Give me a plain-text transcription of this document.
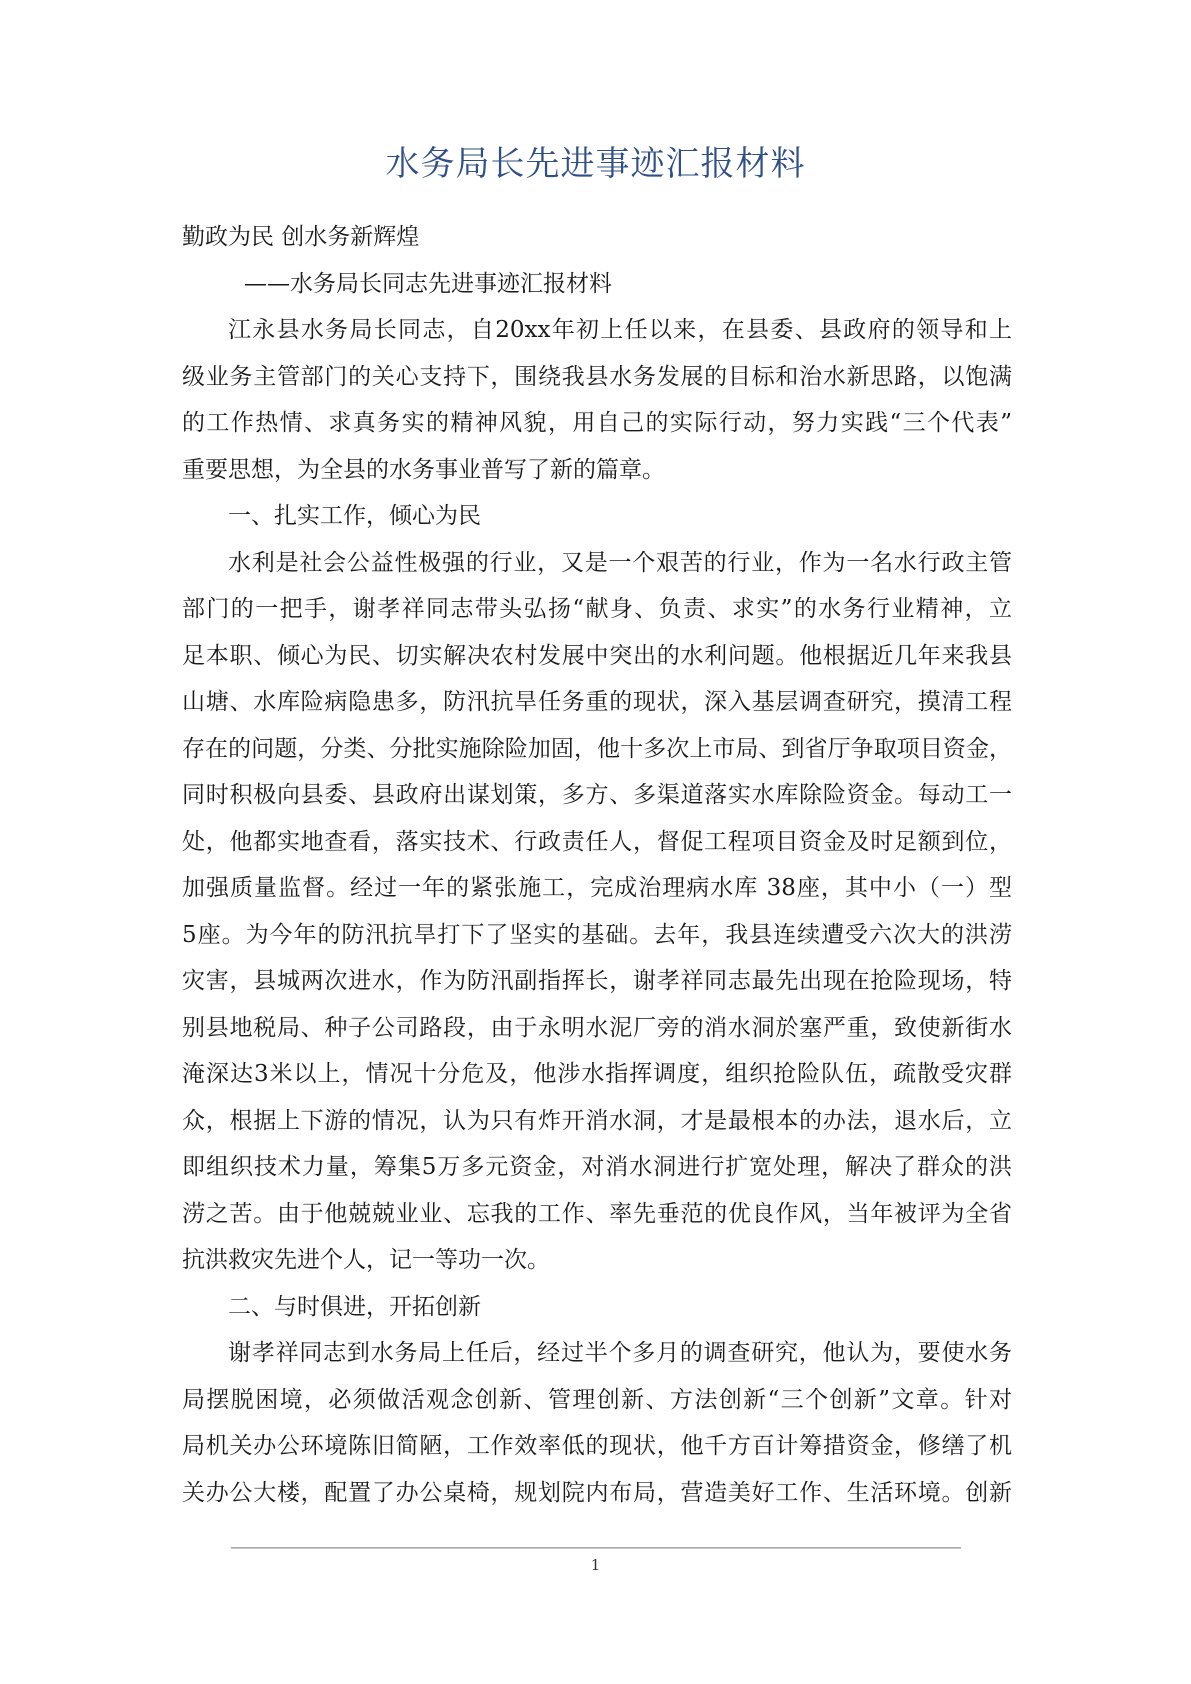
水务局长先进事迹汇报材料

勤政为民 创水务新辉煌

——水务局长同志先进事迹汇报材料

江永县水务局长同志，自20xx年初上任以来，在县委、县政府的领导和上

级业务主管部门的关心支持下，围绕我县水务发展的目标和治水新思路，以饱满

的工作热情、求真务实的精神风貌，用自己的实际行动，努力实践“三个代表”

重要思想，为全县的水务事业普写了新的篇章。

一、扎实工作，倾心为民

水利是社会公益性极强的行业，又是一个艰苦的行业，作为一名水行政主管

部门的一把手，谢孝祥同志带头弘扬“献身、负责、求实”的水务行业精神，立

足本职、倾心为民、切实解决农村发展中突出的水利问题。他根据近几年来我县

山塘、水库险病隐患多，防汛抗旱任务重的现状，深入基层调查研究，摸清工程

存在的问题，分类、分批实施除险加固，他十多次上市局、到省厅争取项目资金，

同时积极向县委、县政府出谋划策，多方、多渠道落实水库除险资金。每动工一

处，他都实地查看，落实技术、行政责任人，督促工程项目资金及时足额到位，

加强质量监督。经过一年的紧张施工，完成治理病水库 38座，其中小（一）型

5座。为今年的防汛抗旱打下了坚实的基础。去年，我县连续遭受六次大的洪涝

灾害，县城两次进水，作为防汛副指挥长，谢孝祥同志最先出现在抢险现场，特

别县地税局、种子公司路段，由于永明水泥厂旁的消水洞於塞严重，致使新街水

淹深达3米以上，情况十分危及，他涉水指挥调度，组织抢险队伍，疏散受灾群

众，根据上下游的情况，认为只有炸开消水洞，才是最根本的办法，退水后，立

即组织技术力量，筹集5万多元资金，对消水洞进行扩宽处理，解决了群众的洪

涝之苦。由于他兢兢业业、忘我的工作、率先垂范的优良作风，当年被评为全省

抗洪救灾先进个人，记一等功一次。

二、与时俱进，开拓创新

谢孝祥同志到水务局上任后，经过半个多月的调查研究，他认为，要使水务

局摆脱困境，必须做活观念创新、管理创新、方法创新“三个创新”文章。针对

局机关办公环境陈旧简陋，工作效率低的现状，他千方百计筹措资金，修缮了机

关办公大楼，配置了办公桌椅，规划院内布局，营造美好工作、生活环境。创新

1
